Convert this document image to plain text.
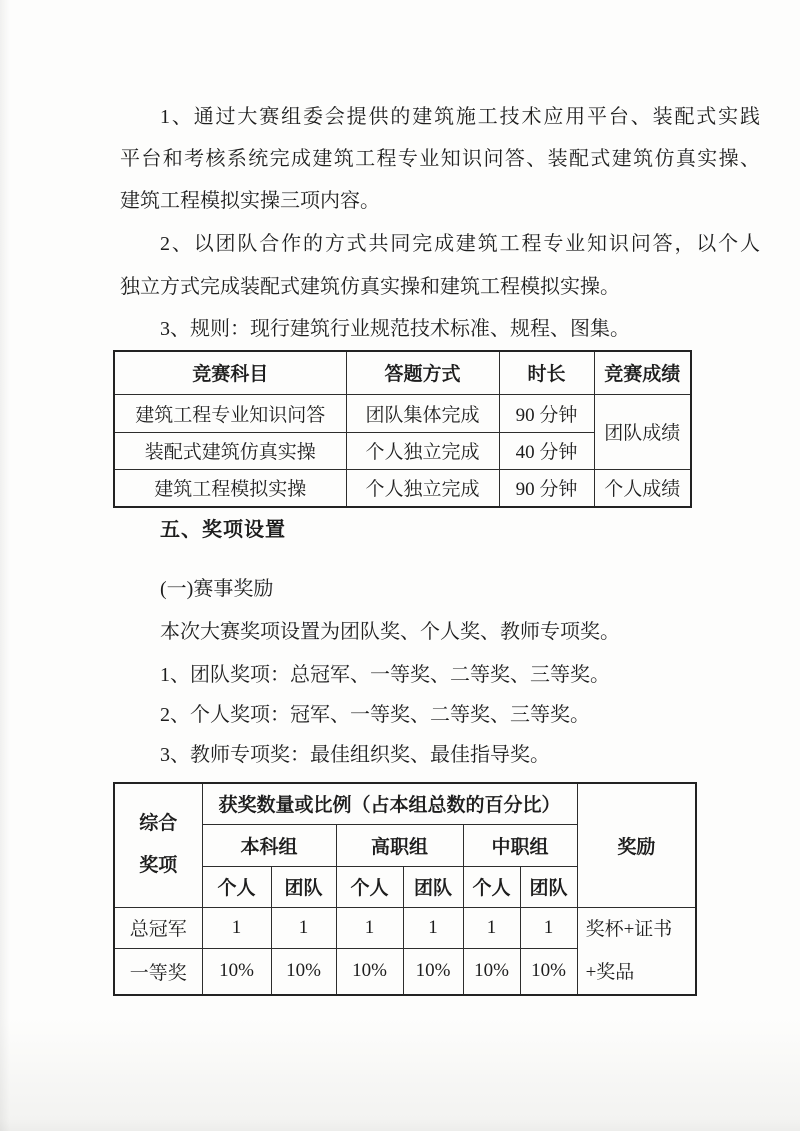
1、通过大赛组委会提供的建筑施工技术应用平台、装配式实践
平台和考核系统完成建筑工程专业知识问答、装配式建筑仿真实操、
建筑工程模拟实操三项内容。
2、以团队合作的方式共同完成建筑工程专业知识问答，以个人
独立方式完成装配式建筑仿真实操和建筑工程模拟实操。
3、规则：现行建筑行业规范技术标准、规程、图集。
竞赛科目	答题方式	时长	竞赛成绩
建筑工程专业知识问答	团队集体完成	90 分钟	团队成绩
装配式建筑仿真实操	个人独立完成	40 分钟	
建筑工程模拟实操	个人独立完成	90 分钟	个人成绩
五、奖项设置
(一)赛事奖励
本次大赛奖项设置为团队奖、个人奖、教师专项奖。
1、团队奖项：总冠军、一等奖、二等奖、三等奖。
2、个人奖项：冠军、一等奖、二等奖、三等奖。
3、教师专项奖：最佳组织奖、最佳指导奖。
综合
奖项	获奖数量或比例（占本组总数的百分比）						奖励
	本科组		高职组		中职组		
	个人	团队	个人	团队	个人	团队	
总冠军	1	1	1	1	1	1	奖杯+证书+奖品
一等奖	10%	10%	10%	10%	10%	10%	
